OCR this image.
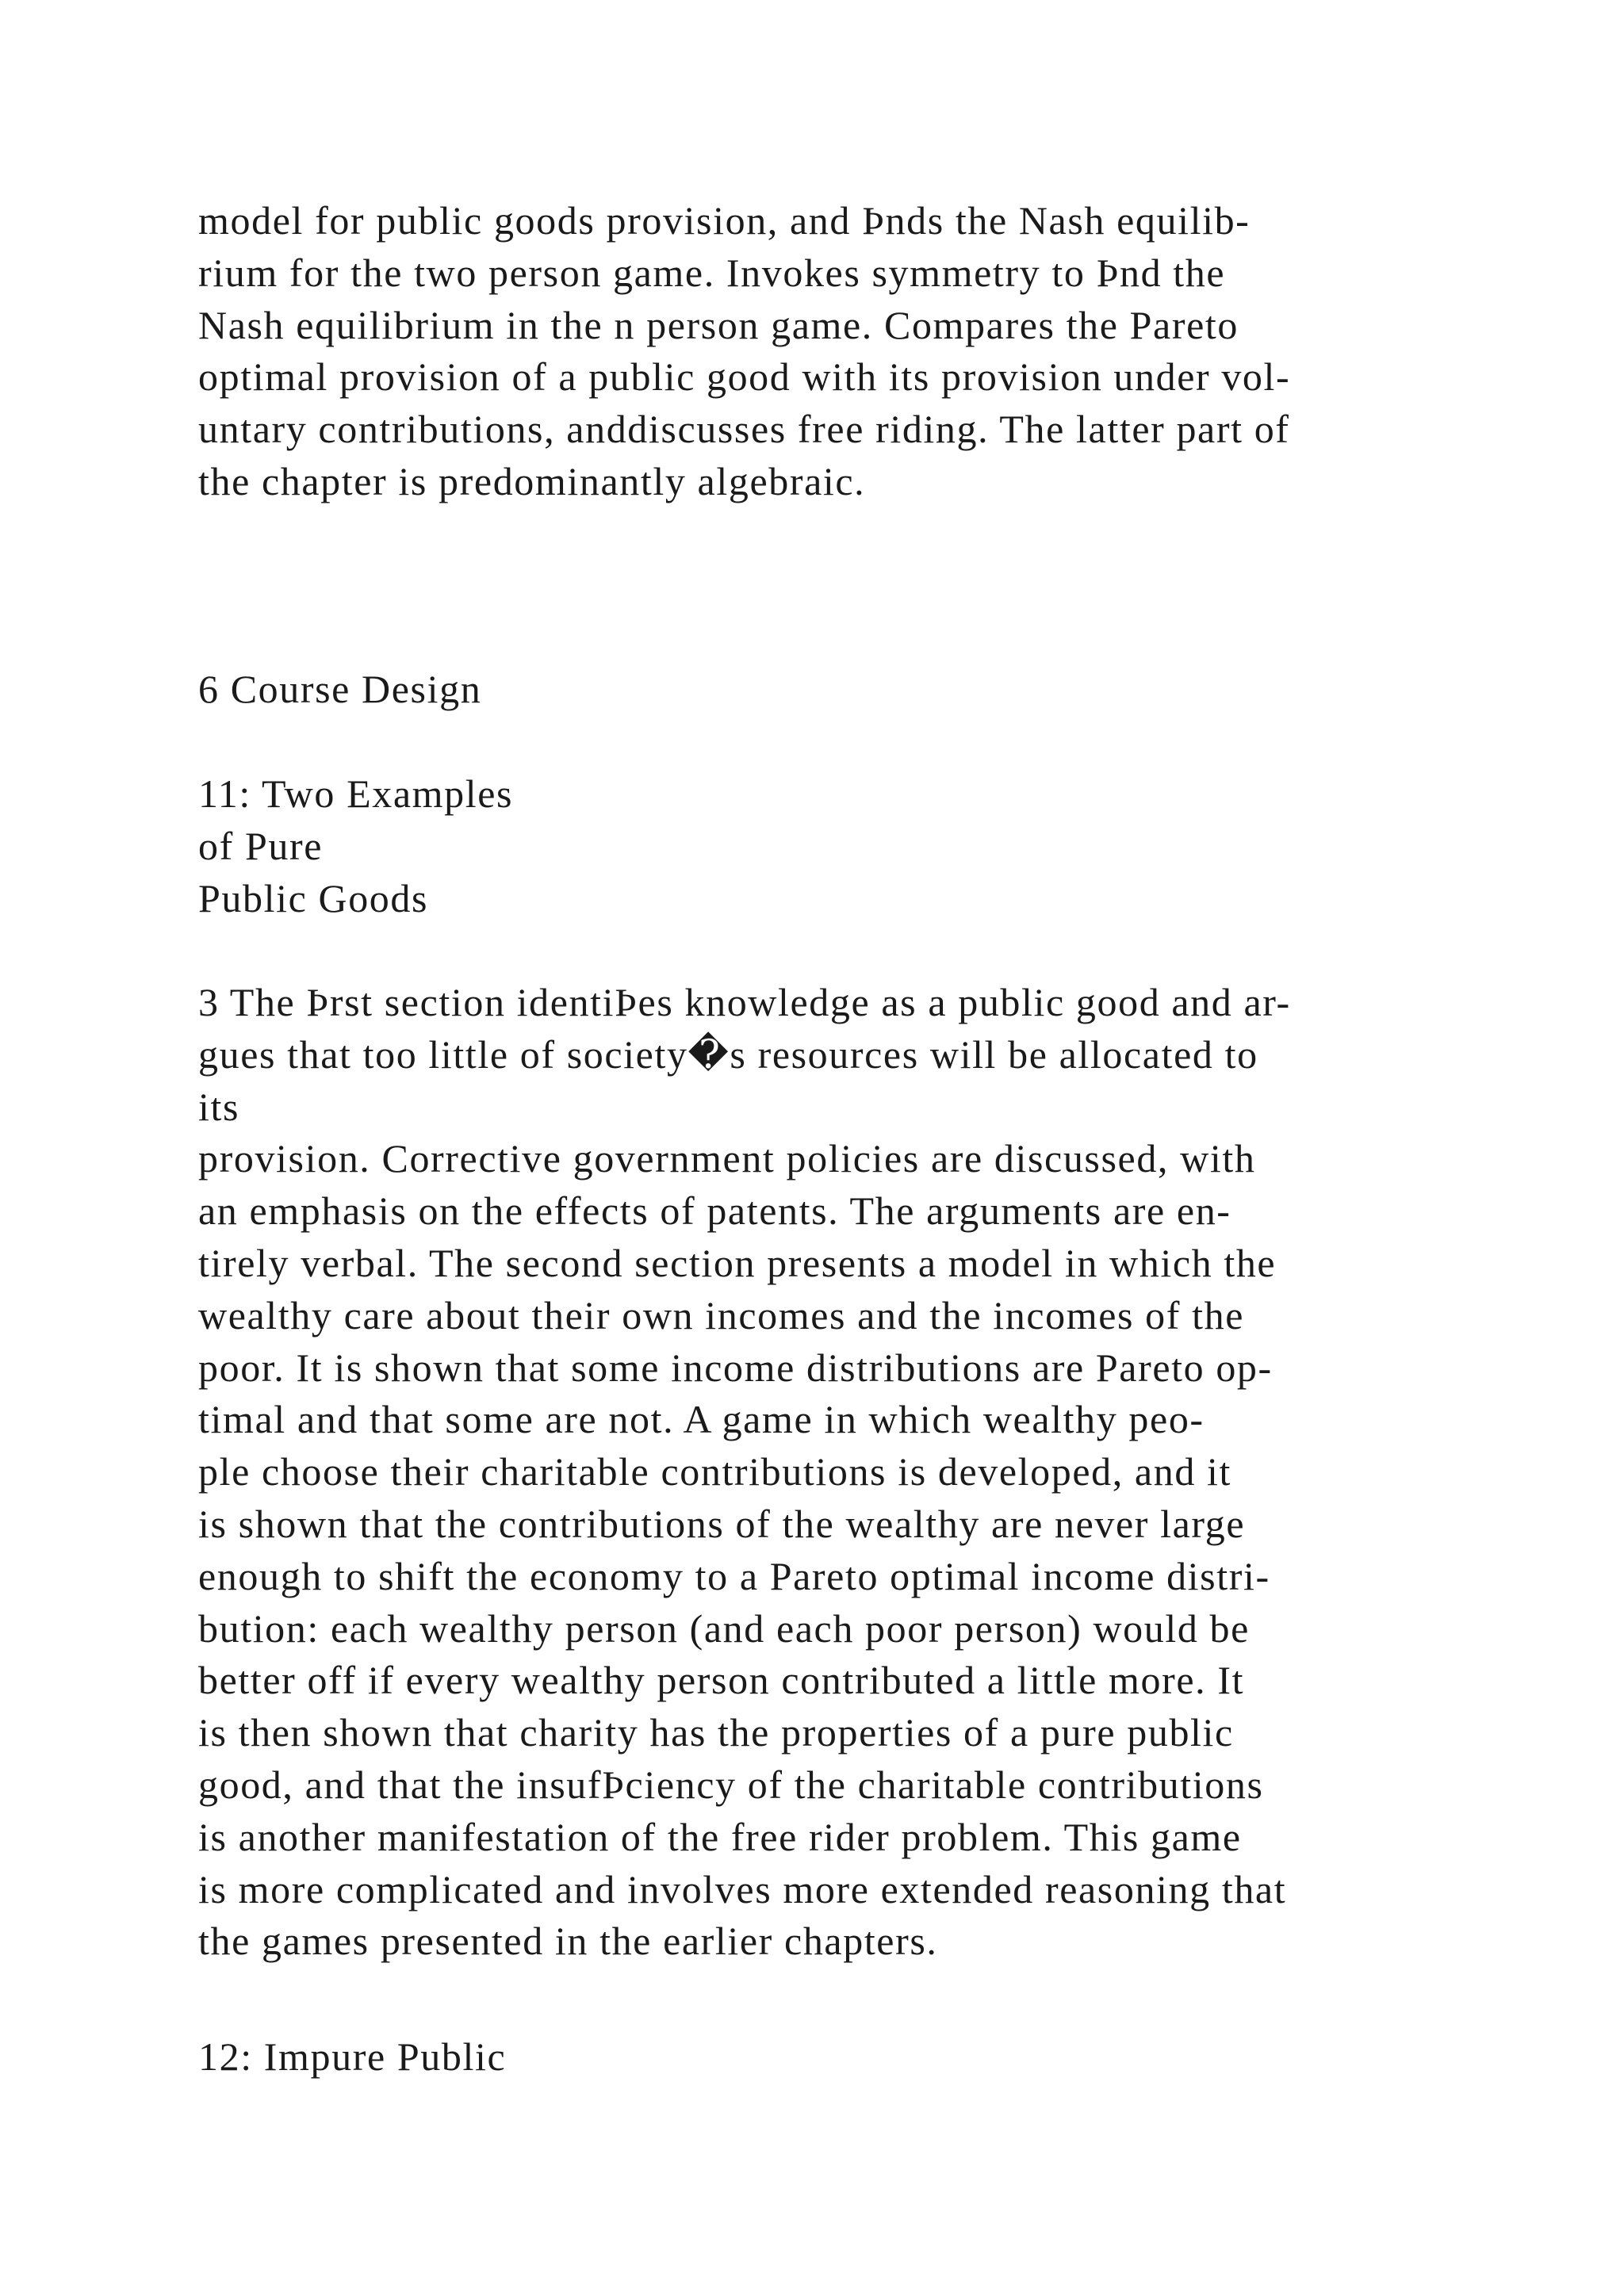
model for public goods provision, and Þnds the Nash equilib-
rium for the two person game. Invokes symmetry to Þnd the
Nash equilibrium in the n person game. Compares the Pareto
optimal provision of a public good with its provision under vol-
untary contributions, anddiscusses free riding. The latter part of
the chapter is predominantly algebraic.

6 Course Design

11: Two Examples
of Pure
Public Goods

3 The Þrst section identiÞes knowledge as a public good and ar-
gues that too little of society�s resources will be allocated to
its
provision. Corrective government policies are discussed, with
an emphasis on the effects of patents. The arguments are en-
tirely verbal. The second section presents a model in which the
wealthy care about their own incomes and the incomes of the
poor. It is shown that some income distributions are Pareto op-
timal and that some are not. A game in which wealthy peo-
ple choose their charitable contributions is developed, and it
is shown that the contributions of the wealthy are never large
enough to shift the economy to a Pareto optimal income distri-
bution: each wealthy person (and each poor person) would be
better off if every wealthy person contributed a little more. It
is then shown that charity has the properties of a pure public
good, and that the insufÞciency of the charitable contributions
is another manifestation of the free rider problem. This game
is more complicated and involves more extended reasoning that
the games presented in the earlier chapters.

12: Impure Public
